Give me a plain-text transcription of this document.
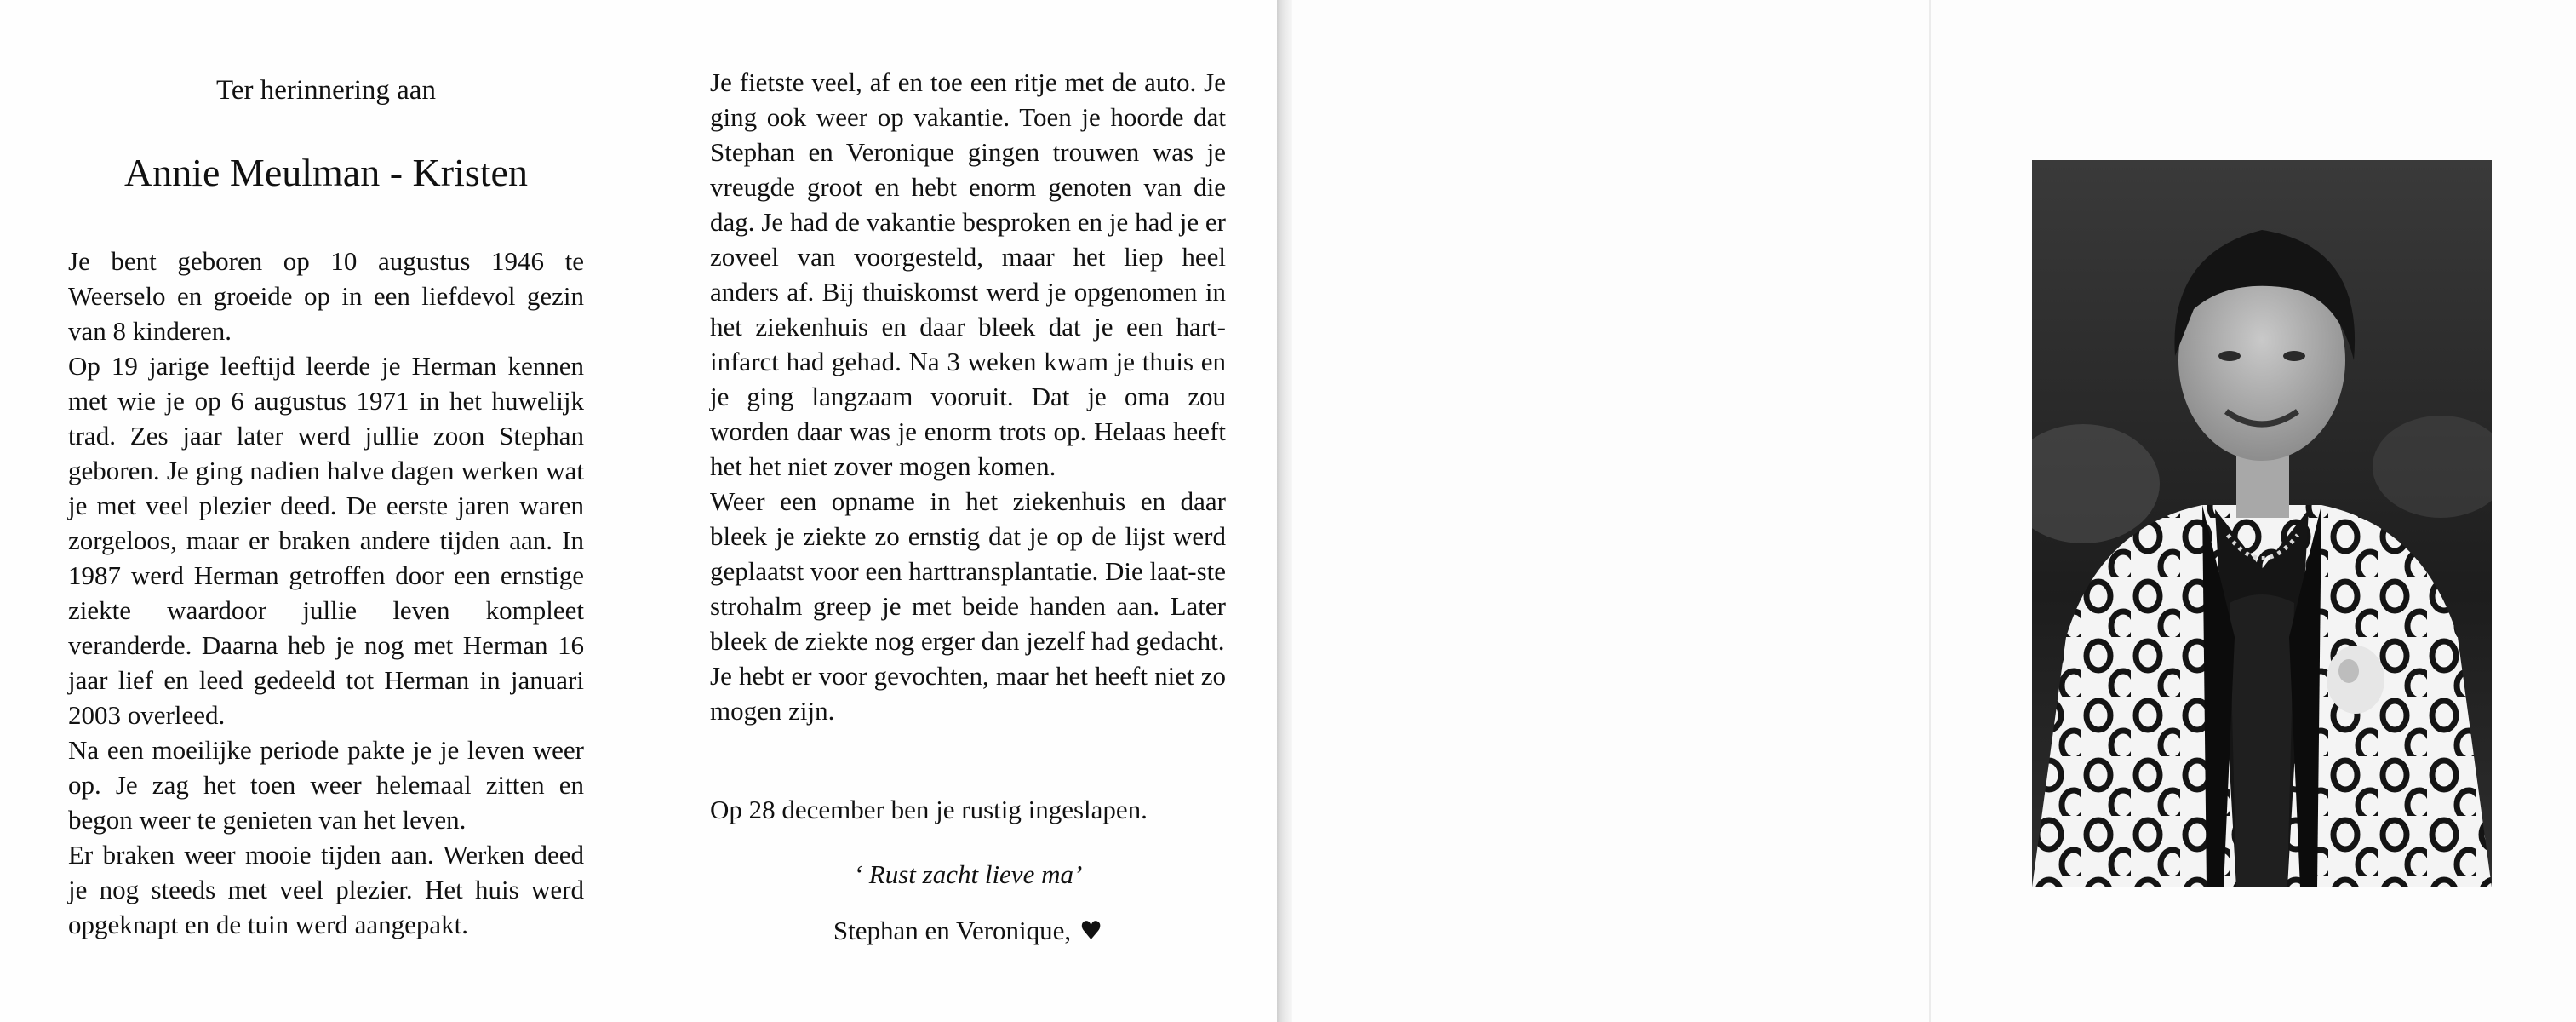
Ter herinnering aan
Annie Meulman - Kristen

Je bent geboren op 10 augustus 1946 te Weerselo en groeide op in een liefdevol gezin van 8 kinderen.

Op 19 jarige leeftijd leerde je Herman kennen met wie je op 6 augustus 1971 in het huwelijk trad. Zes jaar later werd jullie zoon Stephan geboren. Je ging nadien halve dagen werken wat je met veel plezier deed. De eerste jaren waren zorgeloos, maar er braken andere tijden aan. In 1987 werd Herman getroffen door een ernstige ziekte waardoor jullie leven kompleet veranderde. Daarna heb je nog met Herman 16 jaar lief en leed gedeeld tot Herman in januari 2003 overleed.

Na een moeilijke periode pakte je je leven weer op. Je zag het toen weer helemaal zitten en begon weer te genieten van het leven.

Er braken weer mooie tijden aan. Werken deed je nog steeds met veel plezier. Het huis werd opgeknapt en de tuin werd aangepakt.

Je fietste veel, af en toe een ritje met de auto. Je ging ook weer op vakantie. Toen je hoorde dat Stephan en Veronique gingen trouwen was je vreugde groot en hebt enorm genoten van die dag. Je had de vakantie besproken en je had je er zoveel van voorgesteld, maar het liep heel anders af. Bij thuiskomst werd je opgenomen in het ziekenhuis en daar bleek dat je een hart-infarct had gehad. Na 3 weken kwam je thuis en je ging langzaam vooruit. Dat je oma zou worden daar was je enorm trots op. Helaas heeft het het niet zover mogen komen.

Weer een opname in het ziekenhuis en daar bleek je ziekte zo ernstig dat je op de lijst werd geplaatst voor een harttransplantatie. Die laat-ste strohalm greep je met beide handen aan. Later bleek de ziekte nog erger dan jezelf had gedacht.

Je hebt er voor gevochten, maar het heeft niet zo mogen zijn.

Op 28 december ben je rustig ingeslapen.

‘ Rust zacht lieve ma’
Stephan en Veronique, ♥
